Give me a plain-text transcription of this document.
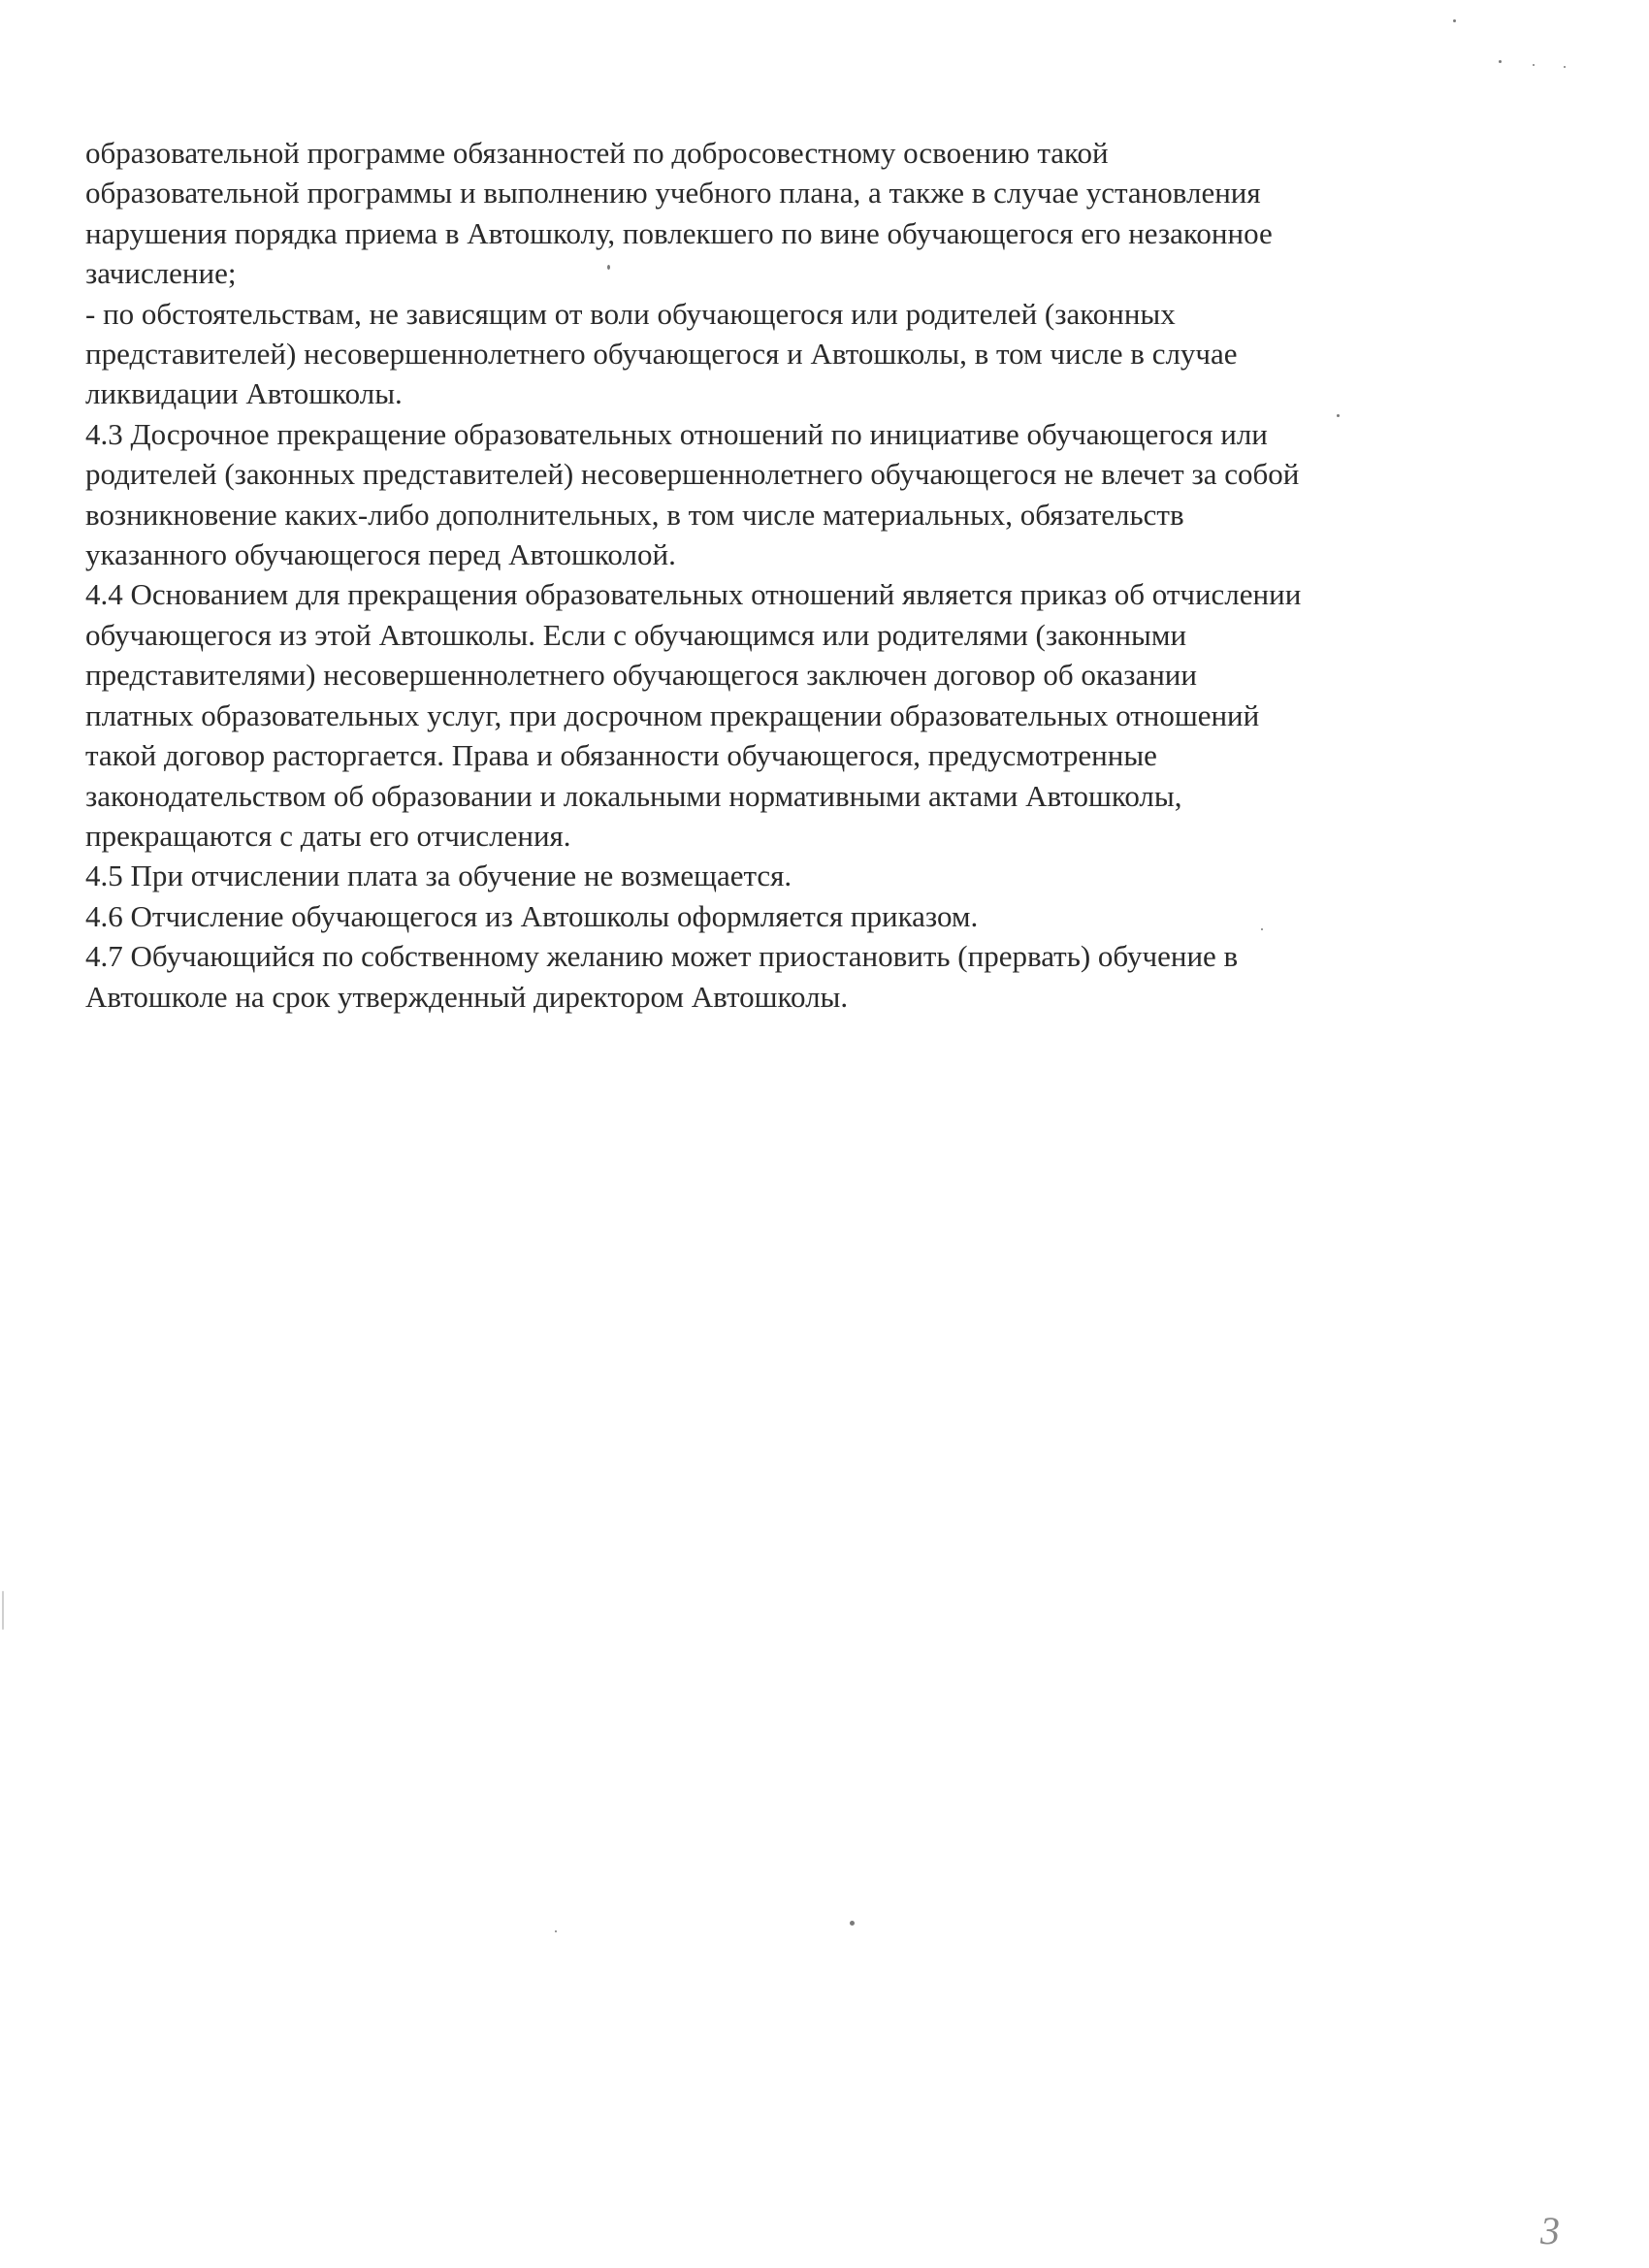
образовательной программе обязанностей по добросовестному освоению такой
образовательной программы и выполнению учебного плана, а также в случае установления
нарушения порядка приема в Автошколу, повлекшего по вине обучающегося его незаконное
зачисление;
- по обстоятельствам, не зависящим от воли обучающегося или родителей (законных
представителей) несовершеннолетнего обучающегося и Автошколы, в том числе в случае
ликвидации Автошколы.
4.3 Досрочное прекращение образовательных отношений по инициативе обучающегося или
родителей (законных представителей) несовершеннолетнего обучающегося не влечет за собой
возникновение каких-либо дополнительных, в том числе материальных, обязательств
указанного обучающегося перед Автошколой.
4.4 Основанием для прекращения образовательных отношений является приказ об отчислении
обучающегося из этой Автошколы. Если с обучающимся или родителями (законными
представителями) несовершеннолетнего обучающегося заключен договор об оказании
платных образовательных услуг, при досрочном прекращении образовательных отношений
такой договор расторгается. Права и обязанности обучающегося, предусмотренные
законодательством об образовании и локальными нормативными актами Автошколы,
прекращаются с даты его отчисления.
4.5 При отчислении плата за обучение не возмещается.
4.6 Отчисление обучающегося из Автошколы оформляется приказом.
4.7 Обучающийся по собственному желанию может приостановить (прервать) обучение в
Автошколе на срок утвержденный директором Автошколы.
3
